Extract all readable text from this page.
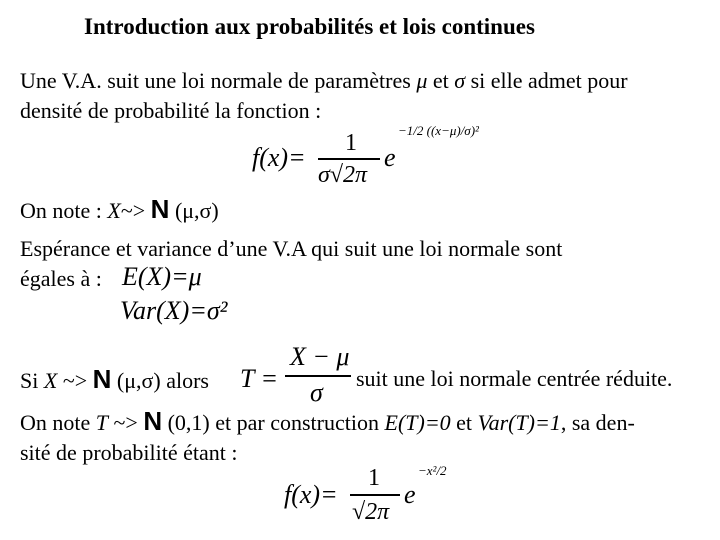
Introduction aux probabilités et lois continues
Une V.A. suit une loi normale de paramètres μ et σ si elle admet pour
densité de probabilité la fonction :
f(x)= 1
σ√2π
e
−1/2 ((x−μ)/σ)²
On note : X~> N (μ,σ)
Espérance et variance d’une V.A qui suit une loi normale sont
égales à : E(X)=μ
Var(X)=σ²
Si X ~> N (μ,σ) alors T =
X − μ
σ suit une loi normale centrée réduite.
On note T ~> N (0,1) et par construction E(T)=0 et Var(T)=1, sa den-
sité de probabilité étant :
f(x)=
1
√2π
e
−x²/2
